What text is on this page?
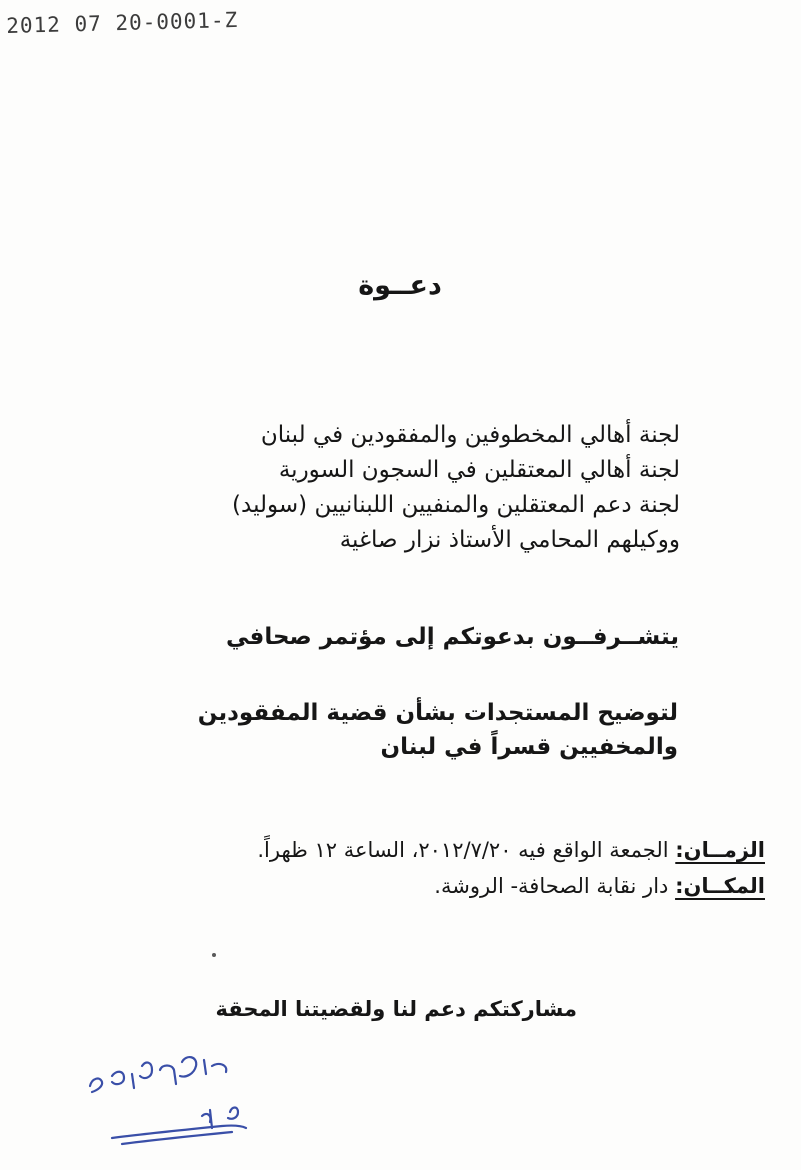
2012 07 20-0001-Z
دعــوة
لجنة أهالي المخطوفين والمفقودين في لبنان
لجنة أهالي المعتقلين في السجون السورية
لجنة دعم المعتقلين والمنفيين اللبنانيين (سوليد)
ووكيلهم المحامي الأستاذ نزار صاغية
يتشــرفــون بدعوتكم إلى مؤتمر صحافي
لتوضيح المستجدات بشأن قضية المفقودين
والمخفيين قسراً في لبنان
الزمــان: الجمعة الواقع فيه ٢٠١٢/٧/٢٠، الساعة ١٢ ظهراً.
المكــان: دار نقابة الصحافة- الروشة.
مشاركتكم دعم لنا ولقضيتنا المحقة
